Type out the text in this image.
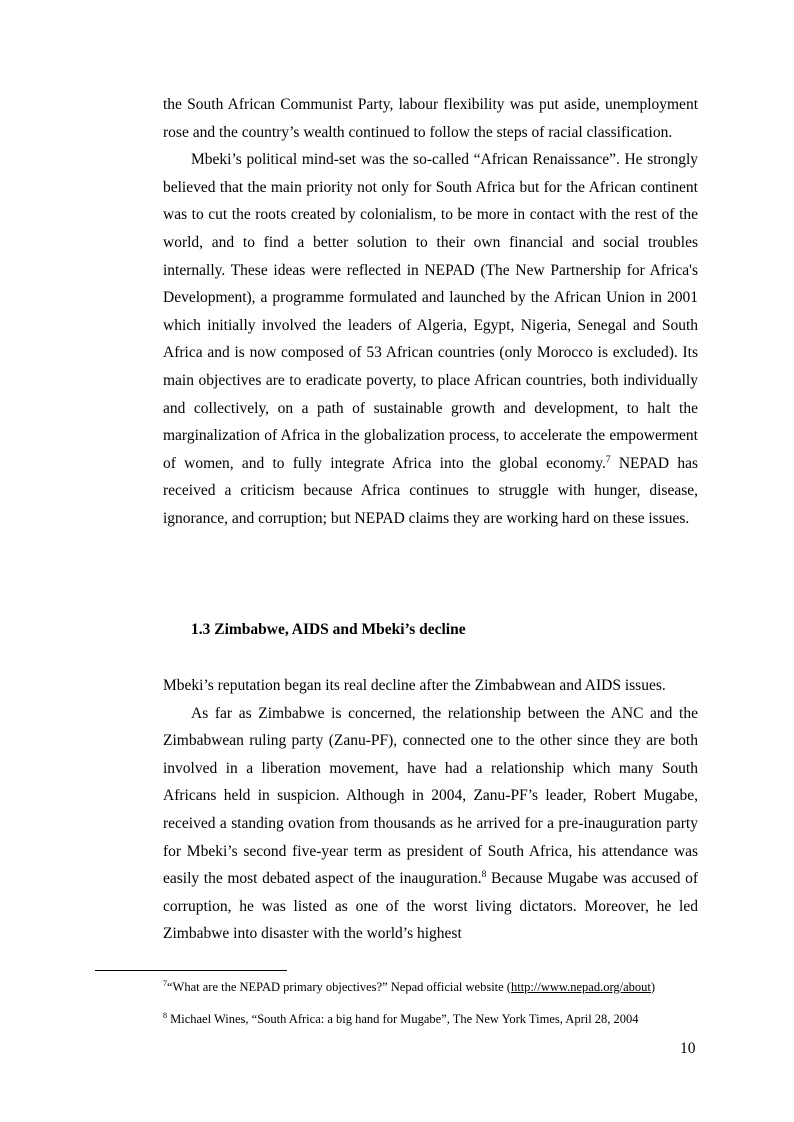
the South African Communist Party, labour flexibility was put aside, unemployment rose and the country’s wealth continued to follow the steps of racial classification.

Mbeki’s political mind-set was the so-called “African Renaissance”. He strongly believed that the main priority not only for South Africa but for the African continent was to cut the roots created by colonialism, to be more in contact with the rest of the world, and to find a better solution to their own financial and social troubles internally. These ideas were reflected in NEPAD (The New Partnership for Africa's Development), a programme formulated and launched by the African Union in 2001 which initially involved the leaders of Algeria, Egypt, Nigeria, Senegal and South Africa and is now composed of 53 African countries (only Morocco is excluded). Its main objectives are to eradicate poverty, to place African countries, both individually and collectively, on a path of sustainable growth and development, to halt the marginalization of Africa in the globalization process, to accelerate the empowerment of women, and to fully integrate Africa into the global economy.$^7$ NEPAD has received a criticism because Africa continues to struggle with hunger, disease, ignorance, and corruption; but NEPAD claims they are working hard on these issues.

1.3 Zimbabwe, AIDS and Mbeki’s decline

Mbeki’s reputation began its real decline after the Zimbabwean and AIDS issues.

As far as Zimbabwe is concerned, the relationship between the ANC and the Zimbabwean ruling party (Zanu-PF), connected one to the other since they are both involved in a liberation movement, have had a relationship which many South Africans held in suspicion. Although in 2004, Zanu-PF’s leader, Robert Mugabe, received a standing ovation from thousands as he arrived for a pre-inauguration party for Mbeki’s second five-year term as president of South Africa, his attendance was easily the most debated aspect of the inauguration.$^8$ Because Mugabe was accused of corruption, he was listed as one of the worst living dictators. Moreover, he led Zimbabwe into disaster with the world’s highest

$^7$“What are the NEPAD primary objectives?” Nepad official website (http://www.nepad.org/about)

$^8$ Michael Wines, “South Africa: a big hand for Mugabe”, The New York Times, April 28, 2004

10
